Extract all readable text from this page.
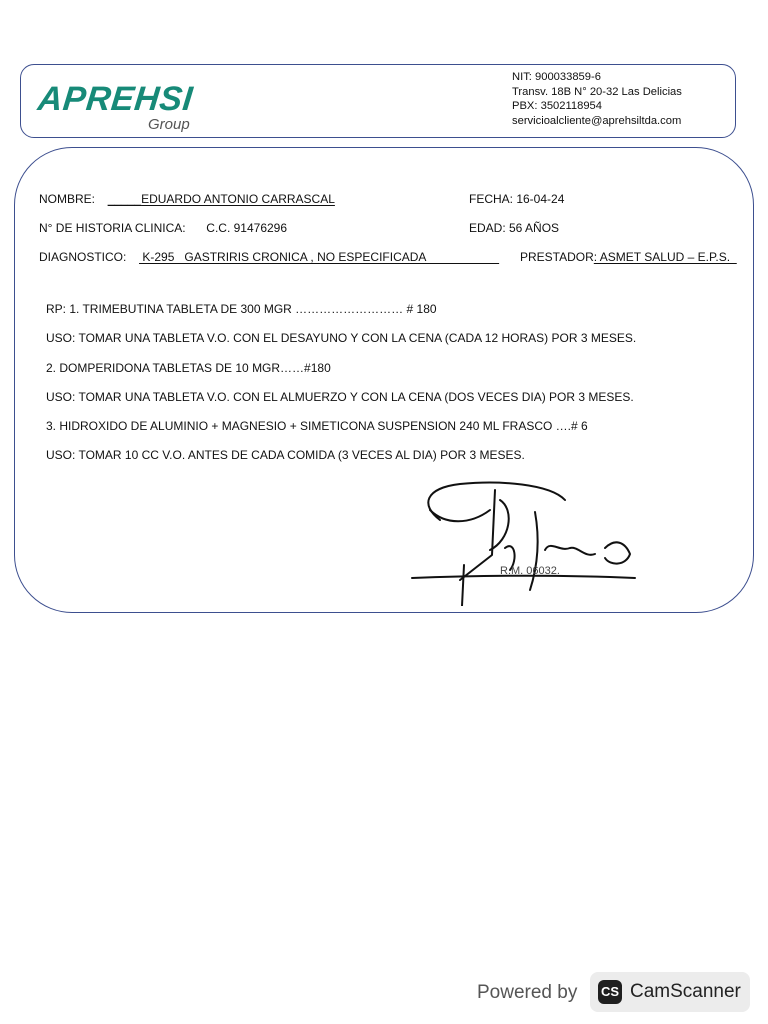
APREHSI
Group
NIT: 900033859-6
Transv. 18B N° 20-32 Las Delicias
PBX: 3502118954
servicioalcliente@aprehsiltda.com
NOMBRE: _____EDUARDO ANTONIO CARRASCAL	FECHA: 16-04-24
N° DE HISTORIA CLINICA: C.C. 91476296	EDAD: 56 AÑOS
DIAGNOSTICO:   K-295   GASTRIRIS CRONICA , NO ESPECIFICADA PRESTADOR: ASMET SALUD – E.P.S.
RP: 1. TRIMEBUTINA TABLETA DE 300 MGR ……………………… # 180
USO: TOMAR UNA TABLETA V.O. CON EL DESAYUNO Y CON LA CENA (CADA 12 HORAS) POR 3 MESES.
2. DOMPERIDONA TABLETAS DE 10 MGR……#180
USO: TOMAR UNA TABLETA V.O. CON EL ALMUERZO Y CON LA CENA (DOS VECES DIA) POR 3 MESES.
3. HIDROXIDO DE ALUMINIO + MAGNESIO + SIMETICONA SUSPENSION 240 ML FRASCO ….# 6
USO: TOMAR 10 CC V.O. ANTES DE CADA COMIDA (3 VECES AL DIA) POR 3 MESES.
R.M. 06032.
Powered by CS CamScanner
